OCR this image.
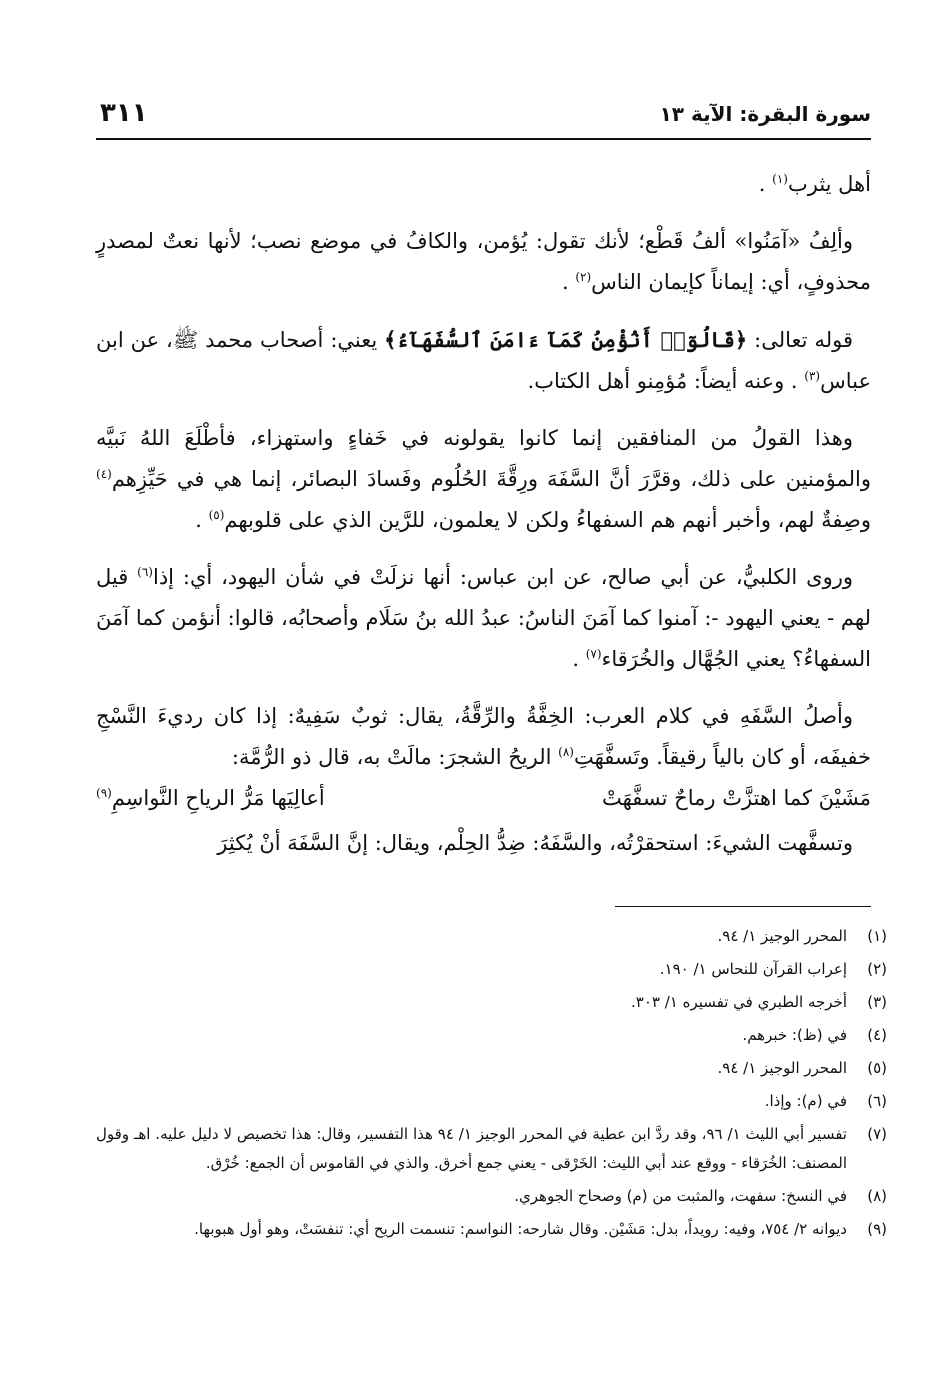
سورة البقرة: الآية ١٣
٣١١

أهل يثرب$^{(١)}$ .

وألِفُ «آمَنُوا» ألفُ قَطْع؛ لأنك تقول: يُؤمن، والكافُ في موضع نصب؛ لأنها نعتٌ لمصدرٍ محذوفٍ، أي: إيماناً كإيمان الناس$^{(٢)}$ .

قوله تعالى: ﴿قَالُوٓا۟ أَنُؤْمِنُ كَمَآ ءَامَنَ ٱلسُّفَهَآءُ﴾ يعني: أصحاب محمد ﷺ، عن ابن عباس$^{(٣)}$ . وعنه أيضاً: مُؤمِنو أهل الكتاب.

وهذا القولُ من المنافقين إنما كانوا يقولونه في خَفاءٍ واستهزاء، فأطْلَعَ اللهُ نَبيَّه والمؤمنين على ذلك، وقرَّرَ أنَّ السَّفَهَ ورِقَّةَ الحُلُوم وفَسادَ البصائر، إنما هي في حَيِّزِهم$^{(٤)}$ وصِفةٌ لهم، وأخبر أنهم هم السفهاءُ ولكن لا يعلمون، للرَّين الذي على قلوبهم$^{(٥)}$ .

وروى الكلبيُّ، عن أبي صالح، عن ابن عباس: أنها نزلَتْ في شأن اليهود، أي: إذا$^{(٦)}$ قيل لهم - يعني اليهود -: آمنوا كما آمَنَ الناسُ: عبدُ الله بنُ سَلَام وأصحابُه، قالوا: أنؤمن كما آمَنَ السفهاءُ؟ يعني الجُهَّال والخُرَقاء$^{(٧)}$ .

وأصلُ السَّفَهِ في كلام العرب: الخِفَّةُ والرِّقَّةُ، يقال: ثوبٌ سَفِيهٌ: إذا كان رديءَ النَّسْجِ خفيفَه، أو كان بالياً رقيقاً. وتَسفَّهَتِ$^{(٨)}$ الريحُ الشجرَ: مالَتْ به، قال ذو الرُّمَّة:

مَشَيْنَ كما اهتزَّتْ رماحٌ تسفَّهَتْ
أعالِيَها مَرُّ الرياحِ النَّواسِمِ$^{(٩)}$

وتسفَّهت الشيءَ: استحقرْتُه، والسَّفَهُ: ضِدُّ الحِلْم، ويقال: إنَّ السَّفَهَ أنْ يُكثِرَ

(١)
المحرر الوجيز ١/ ٩٤.
(٢)
إعراب القرآن للنحاس ١/ ١٩٠.
(٣)
أخرجه الطبري في تفسيره ١/ ٣٠٣.
(٤)
في (ظ): خبرهم.
(٥)
المحرر الوجيز ١/ ٩٤.
(٦)
في (م): وإذا.
(٧)
تفسير أبي الليث ١/ ٩٦، وقد ردَّ ابن عطية في المحرر الوجيز ١/ ٩٤ هذا التفسير، وقال: هذا تخصيص لا دليل عليه. اهـ وقول المصنف: الخُرَقاء - ووقع عند أبي الليث: الخَرْقى - يعني جمع أخرق. والذي في القاموس أن الجمع: خُرْق.
(٨)
في النسخ: سفهت، والمثبت من (م) وصحاح الجوهري.
(٩)
ديوانه ٢/ ٧٥٤، وفيه: رويداً، بدل: مَشَيْن. وقال شارحه: النواسم: تنسمت الريح أي: تنفسَتْ، وهو أول هبوبها.
